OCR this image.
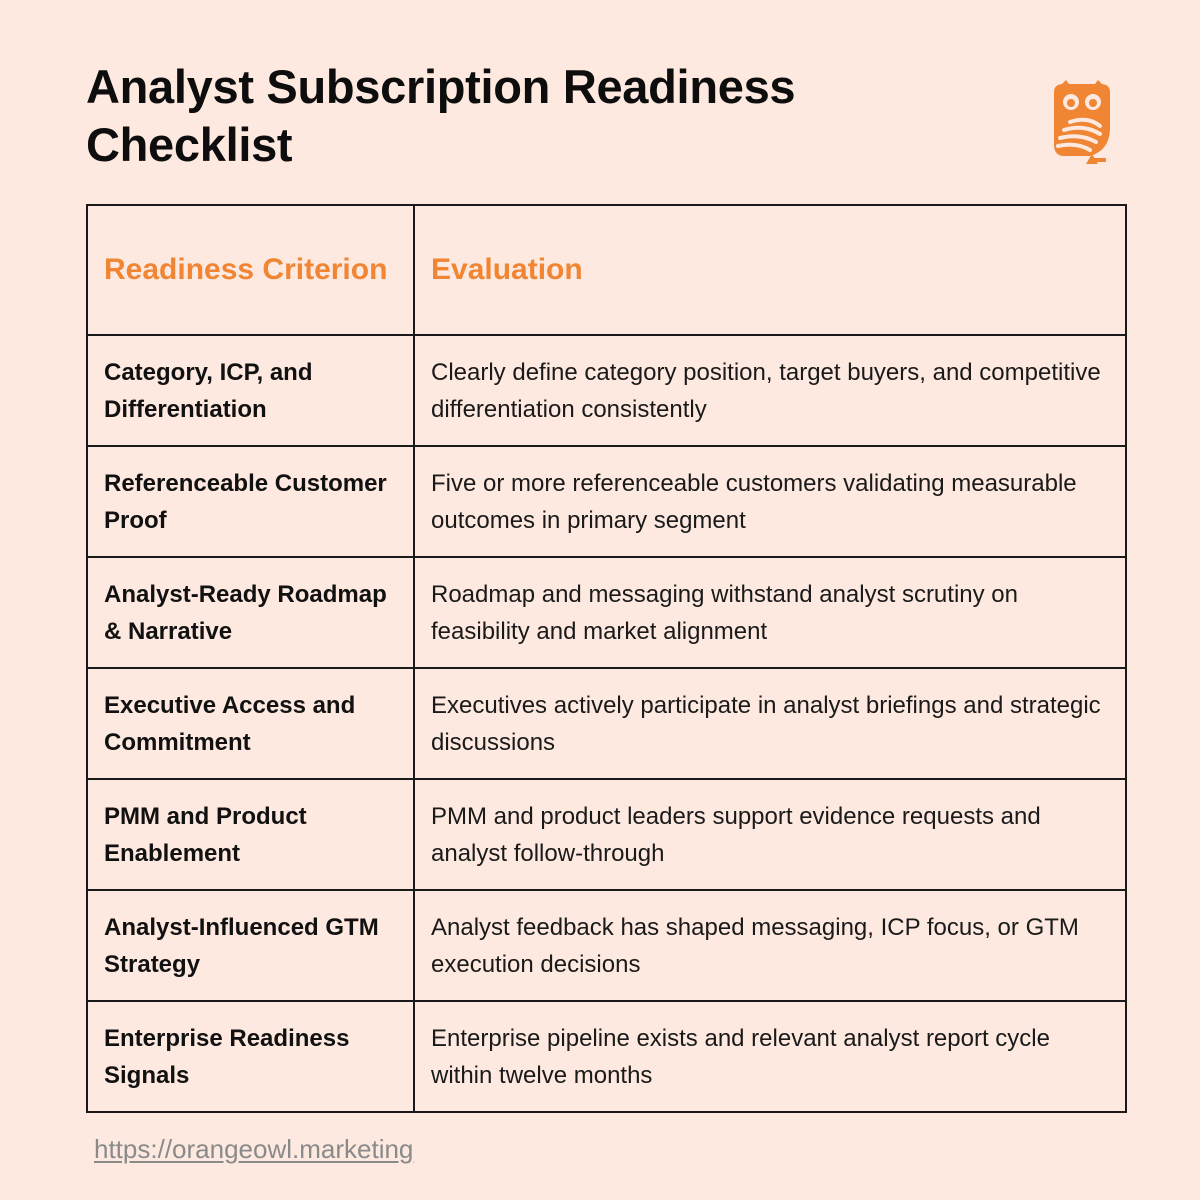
Analyst Subscription Readiness
Checklist
Readiness Criterion	Evaluation
Category, ICP, and Differentiation	Clearly define category position, target buyers, and competitive differentiation consistently
Referenceable Customer Proof	Five or more referenceable customers validating measurable outcomes in primary segment
Analyst-Ready Roadmap & Narrative	Roadmap and messaging withstand analyst scrutiny on feasibility and market alignment
Executive Access and Commitment	Executives actively participate in analyst briefings and strategic discussions
PMM and Product Enablement	PMM and product leaders support evidence requests and analyst follow-through
Analyst-Influenced GTM Strategy	Analyst feedback has shaped messaging, ICP focus, or GTM execution decisions
Enterprise Readiness Signals	Enterprise pipeline exists and relevant analyst report cycle within twelve months
https://orangeowl.marketing
